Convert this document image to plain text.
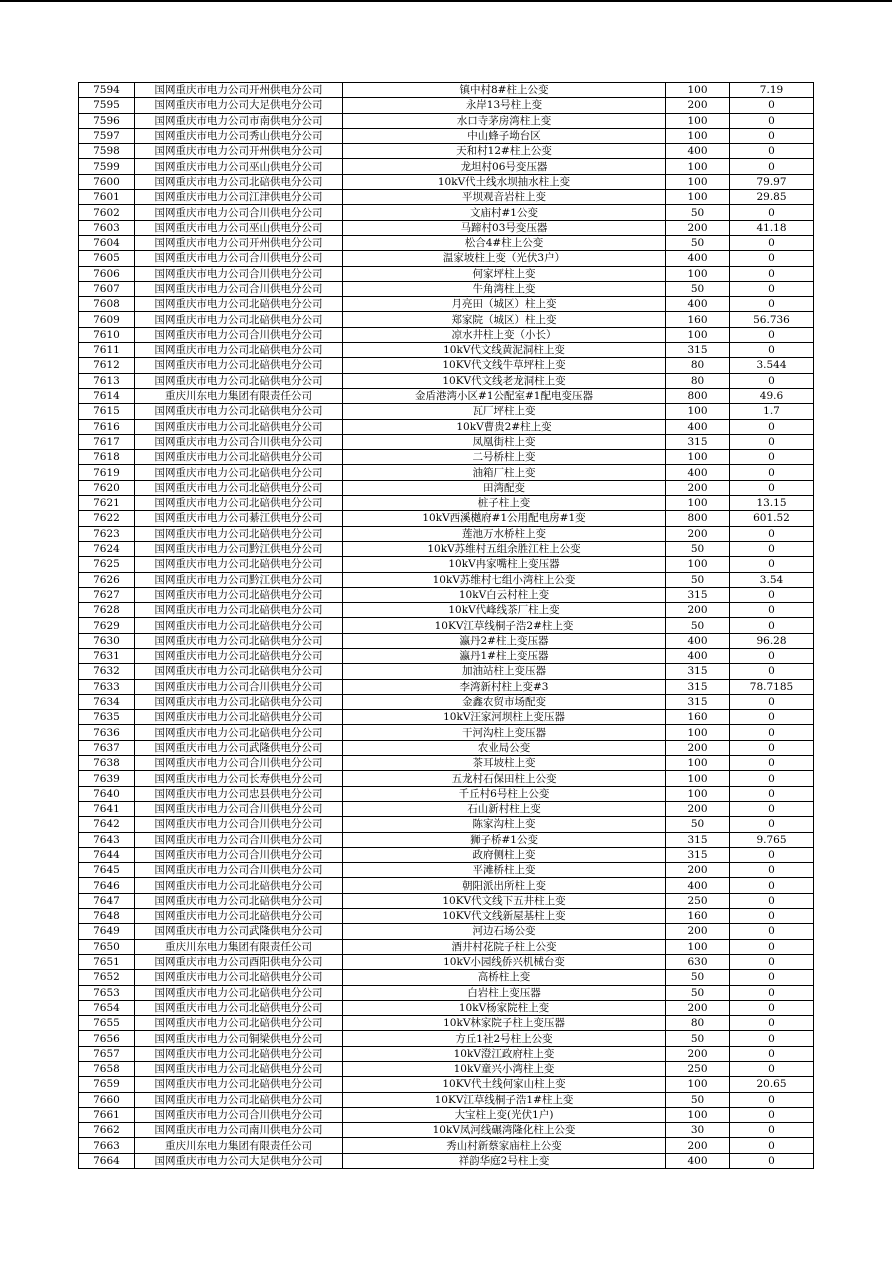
7594	国网重庆市电力公司开州供电分公司	镇中村8#柱上公变	100	7.19
7595	国网重庆市电力公司大足供电分公司	永岸13号柱上变	200	0
7596	国网重庆市电力公司市南供电分公司	水口寺茅房湾柱上变	100	0
7597	国网重庆市电力公司秀山供电分公司	中山蜂子坳台区	100	0
7598	国网重庆市电力公司开州供电分公司	天和村12#柱上公变	400	0
7599	国网重庆市电力公司巫山供电分公司	龙坦村06号变压器	100	0
7600	国网重庆市电力公司北碚供电分公司	10kV代土线水坝抽水柱上变	100	79.97
7601	国网重庆市电力公司江津供电分公司	平坝观音岩柱上变	100	29.85
7602	国网重庆市电力公司合川供电分公司	文庙村#1公变	50	0
7603	国网重庆市电力公司巫山供电分公司	马蹄村03号变压器	200	41.18
7604	国网重庆市电力公司开州供电分公司	松合4#柱上公变	50	0
7605	国网重庆市电力公司合川供电分公司	温家坡柱上变（光伏3户）	400	0
7606	国网重庆市电力公司合川供电分公司	何家坪柱上变	100	0
7607	国网重庆市电力公司合川供电分公司	牛角湾柱上变	50	0
7608	国网重庆市电力公司北碚供电分公司	月亮田（城区）柱上变	400	0
7609	国网重庆市电力公司北碚供电分公司	郑家院（城区）柱上变	160	56.736
7610	国网重庆市电力公司合川供电分公司	凉水井柱上变（小长）	100	0
7611	国网重庆市电力公司北碚供电分公司	10kV代文线黄泥洞柱上变	315	0
7612	国网重庆市电力公司北碚供电分公司	10KV代文线牛草坪柱上变	80	3.544
7613	国网重庆市电力公司北碚供电分公司	10KV代文线老龙洞柱上变	80	0
7614	重庆川东电力集团有限责任公司	金盾港湾小区#1公配室#1配电变压器	800	49.6
7615	国网重庆市电力公司北碚供电分公司	瓦厂坪柱上变	100	1.7
7616	国网重庆市电力公司北碚供电分公司	10kV曹贵2#柱上变	400	0
7617	国网重庆市电力公司合川供电分公司	凤凰街柱上变	315	0
7618	国网重庆市电力公司北碚供电分公司	二号桥柱上变	100	0
7619	国网重庆市电力公司北碚供电分公司	油箱厂柱上变	400	0
7620	国网重庆市电力公司北碚供电分公司	田湾配变	200	0
7621	国网重庆市电力公司北碚供电分公司	桩子柱上变	100	13.15
7622	国网重庆市电力公司綦江供电分公司	10kV西溪樾府#1公用配电房#1变	800	601.52
7623	国网重庆市电力公司北碚供电分公司	莲池万水桥柱上变	200	0
7624	国网重庆市电力公司黔江供电分公司	10kV苏维村五组余胜江柱上公变	50	0
7625	国网重庆市电力公司北碚供电分公司	10kV冉家嘴柱上变压器	100	0
7626	国网重庆市电力公司黔江供电分公司	10kV苏维村七组小湾柱上公变	50	3.54
7627	国网重庆市电力公司北碚供电分公司	10kV白云村柱上变	315	0
7628	国网重庆市电力公司北碚供电分公司	10kV代峰线茶厂柱上变	200	0
7629	国网重庆市电力公司北碚供电分公司	10KV江草线桐子浩2#柱上变	50	0
7630	国网重庆市电力公司北碚供电分公司	瀛丹2#柱上变压器	400	96.28
7631	国网重庆市电力公司北碚供电分公司	瀛丹1#柱上变压器	400	0
7632	国网重庆市电力公司北碚供电分公司	加油站柱上变压器	315	0
7633	国网重庆市电力公司合川供电分公司	李湾新村柱上变#3	315	78.7185
7634	国网重庆市电力公司北碚供电分公司	金鑫农贸市场配变	315	0
7635	国网重庆市电力公司北碚供电分公司	10kV汪家河坝柱上变压器	160	0
7636	国网重庆市电力公司北碚供电分公司	干河沟柱上变压器	100	0
7637	国网重庆市电力公司武隆供电分公司	农业局公变	200	0
7638	国网重庆市电力公司合川供电分公司	茶耳坡柱上变	100	0
7639	国网重庆市电力公司长寿供电分公司	五龙村石保田柱上公变	100	0
7640	国网重庆市电力公司忠县供电分公司	千丘村6号柱上公变	100	0
7641	国网重庆市电力公司合川供电分公司	石山新村柱上变	200	0
7642	国网重庆市电力公司合川供电分公司	陈家沟柱上变	50	0
7643	国网重庆市电力公司合川供电分公司	狮子桥#1公变	315	9.765
7644	国网重庆市电力公司合川供电分公司	政府侧柱上变	315	0
7645	国网重庆市电力公司合川供电分公司	平滩桥柱上变	200	0
7646	国网重庆市电力公司北碚供电分公司	朝阳派出所柱上变	400	0
7647	国网重庆市电力公司北碚供电分公司	10KV代文线下五井柱上变	250	0
7648	国网重庆市电力公司北碚供电分公司	10KV代文线新屋基柱上变	160	0
7649	国网重庆市电力公司武隆供电分公司	河边石场公变	200	0
7650	重庆川东电力集团有限责任公司	酒井村花院子柱上公变	100	0
7651	国网重庆市电力公司酉阳供电分公司	10kV小园线侨兴机械台变	630	0
7652	国网重庆市电力公司北碚供电分公司	高桥柱上变	50	0
7653	国网重庆市电力公司北碚供电分公司	白岩柱上变压器	50	0
7654	国网重庆市电力公司北碚供电分公司	10kV杨家院柱上变	200	0
7655	国网重庆市电力公司北碚供电分公司	10kV林家院子柱上变压器	80	0
7656	国网重庆市电力公司铜梁供电分公司	方丘1社2号柱上公变	50	0
7657	国网重庆市电力公司北碚供电分公司	10kV澄江政府柱上变	200	0
7658	国网重庆市电力公司北碚供电分公司	10kV童兴小湾柱上变	250	0
7659	国网重庆市电力公司北碚供电分公司	10KV代土线何家山柱上变	100	20.65
7660	国网重庆市电力公司北碚供电分公司	10KV江草线桐子浩1#柱上变	50	0
7661	国网重庆市电力公司合川供电分公司	大宝柱上变(光伏1户)	100	0
7662	国网重庆市电力公司南川供电分公司	10kV凤河线碾湾隆化柱上公变	30	0
7663	重庆川东电力集团有限责任公司	秀山村新蔡家庙柱上公变	200	0
7664	国网重庆市电力公司大足供电分公司	祥韵华庭2号柱上变	400	0
